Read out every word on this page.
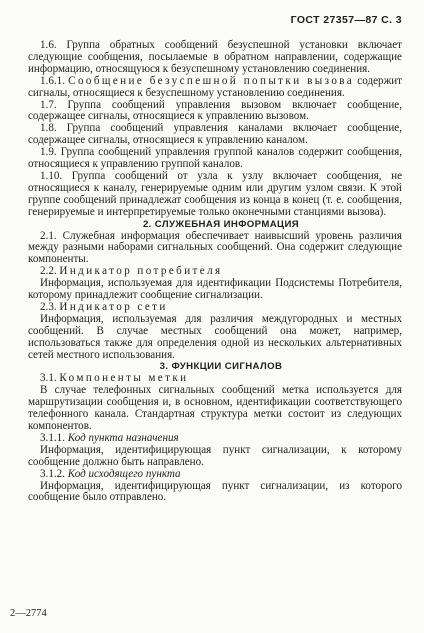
ГОСТ 27357—87 С. 3

1.6. Группа обратных сообщений безуспешной установки включает следующие сообщения, посылаемые в обратном направлении, содержащие информацию, относящуюся к безуспешному установлению соединения.

1.6.1. Сообщение безуспешной попытки вызова содержит сигналы, относящиеся к безуспешному установлению соединения.

1.7. Группа сообщений управления вызовом включает сообщение, содержащее сигналы, относящиеся к управлению вызовом.

1.8. Группа сообщений управления каналами включает сообщение, содержащее сигналы, относящиеся к управлению каналом.

1.9. Группа сообщений управления группой каналов содержит сообщения, относящиеся к управлению группой каналов.

1.10. Группа сообщений от узла к узлу включает сообщения, не относящиеся к каналу, генерируемые одним или другим узлом связи. К этой группе сообщений принадлежат сообщения из конца в конец (т. е. сообщения, генерируемые и интерпретируемые только оконечными станциями вызова).

2. СЛУЖЕБНАЯ ИНФОРМАЦИЯ

2.1. Служебная информация обеспечивает наивысший уровень различия между разными наборами сигнальных сообщений. Она содержит следующие компоненты.

2.2. Индикатор потребителя

Информация, используемая для идентификации Подсистемы Потребителя, которому принадлежит сообщение сигнализации.

2.3. Индикатор сети

Информация, используемая для различия междугородных и местных сообщений. В случае местных сообщений она может, например, использоваться также для определения одной из нескольких альтернативных сетей местного использования.

3. ФУНКЦИИ СИГНАЛОВ

3.1. Компоненты метки

В случае телефонных сигнальных сообщений метка используется для маршрутизации сообщения и, в основном, идентификации соответствующего телефонного канала. Стандартная структура метки состоит из следующих компонентов.

3.1.1. Код пункта назначения

Информация, идентифицирующая пункт сигнализации, к которому сообщение должно быть направлено.

3.1.2. Код исходящего пункта

Информация, идентифицирующая пункт сигнализации, из которого сообщение было отправлено.

2—2774
